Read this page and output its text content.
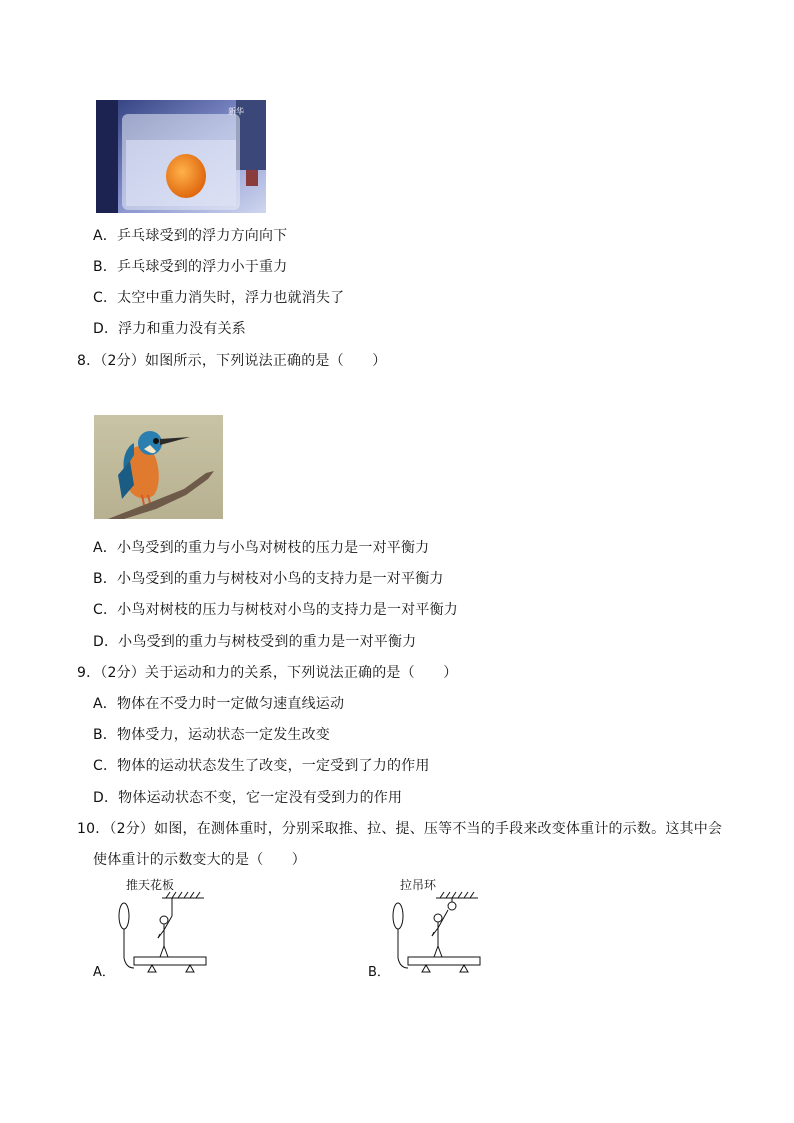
新华
A．乒乓球受到的浮力方向向下
B．乒乓球受到的浮力小于重力
C．太空中重力消失时，浮力也就消失了
D．浮力和重力没有关系
8．（2分）如图所示，下列说法正确的是（　　）
A．小鸟受到的重力与小鸟对树枝的压力是一对平衡力
B．小鸟受到的重力与树枝对小鸟的支持力是一对平衡力
C．小鸟对树枝的压力与树枝对小鸟的支持力是一对平衡力
D．小鸟受到的重力与树枝受到的重力是一对平衡力
9．（2分）关于运动和力的关系，下列说法正确的是（　　）
A．物体在不受力时一定做匀速直线运动
B．物体受力，运动状态一定发生改变
C．物体的运动状态发生了改变，一定受到了力的作用
D．物体运动状态不变，它一定没有受到力的作用
10．（2分）如图，在测体重时，分别采取推、拉、提、压等不当的手段来改变体重计的示数。这其中会
使体重计的示数变大的是（　　）
推天花板
A．
拉吊环
B．
